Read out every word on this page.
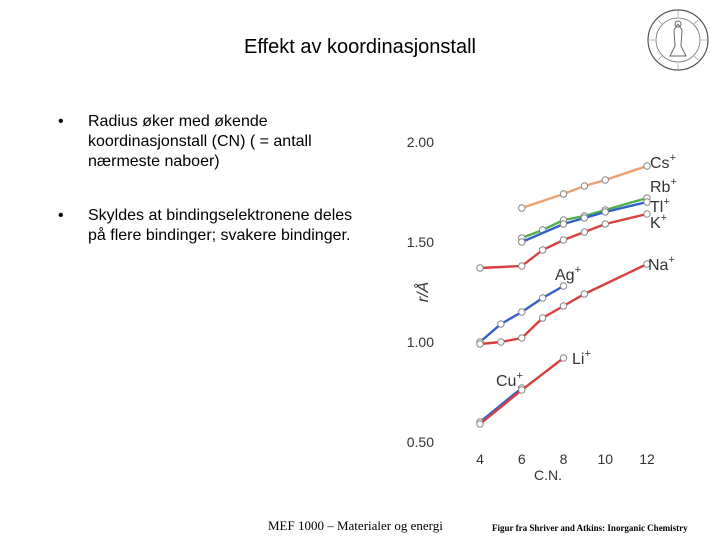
Effekt av koordinasjonstall
• Radius øker med økende koordinasjonstall (CN) ( = antall nærmeste naboer)
• Skyldes at bindingselektronene deles på flere bindinger; svakere bindinger.
2.00
1.50
1.00
0.50
4 6 8 10 12
C.N.
r/Å
Cs+
Rb+
Tl+
K+
Ag+	Na+
Cu+
Li+
MEF 1000 – Materialer og energi	Figur fra Shriver and Atkins: Inorganic Chemistry
